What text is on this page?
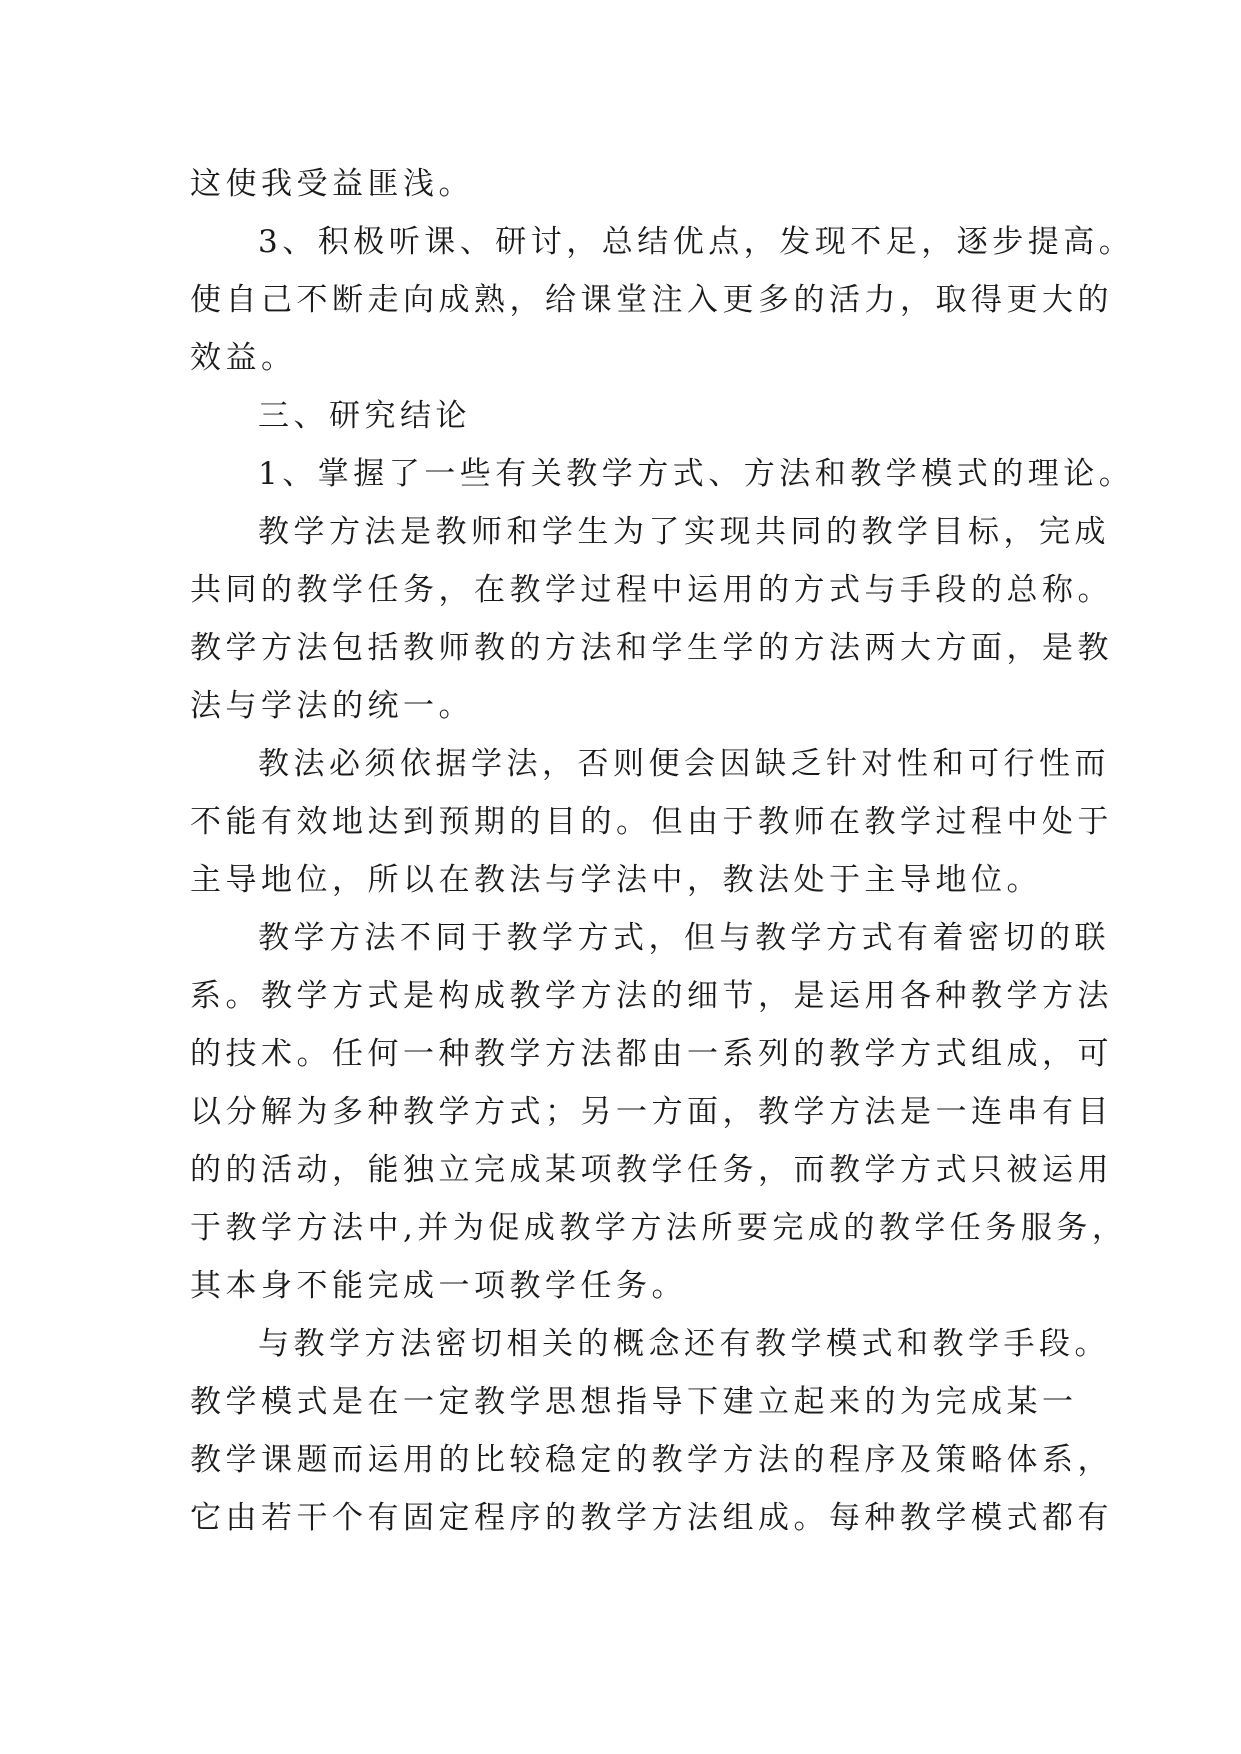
这使我受益匪浅。
3、积极听课、研讨，总结优点，发现不足，逐步提高。
使自己不断走向成熟，给课堂注入更多的活力，取得更大的
效益。
三、研究结论
1、掌握了一些有关教学方式、方法和教学模式的理论。
教学方法是教师和学生为了实现共同的教学目标，完成
共同的教学任务，在教学过程中运用的方式与手段的总称。
教学方法包括教师教的方法和学生学的方法两大方面，是教
法与学法的统一。
教法必须依据学法，否则便会因缺乏针对性和可行性而
不能有效地达到预期的目的。但由于教师在教学过程中处于
主导地位，所以在教法与学法中，教法处于主导地位。
教学方法不同于教学方式，但与教学方式有着密切的联
系。教学方式是构成教学方法的细节，是运用各种教学方法
的技术。任何一种教学方法都由一系列的教学方式组成，可
以分解为多种教学方式；另一方面，教学方法是一连串有目
的的活动，能独立完成某项教学任务，而教学方式只被运用
于教学方法中,并为促成教学方法所要完成的教学任务服务，
其本身不能完成一项教学任务。
与教学方法密切相关的概念还有教学模式和教学手段。
教学模式是在一定教学思想指导下建立起来的为完成某一
教学课题而运用的比较稳定的教学方法的程序及策略体系，
它由若干个有固定程序的教学方法组成。每种教学模式都有
